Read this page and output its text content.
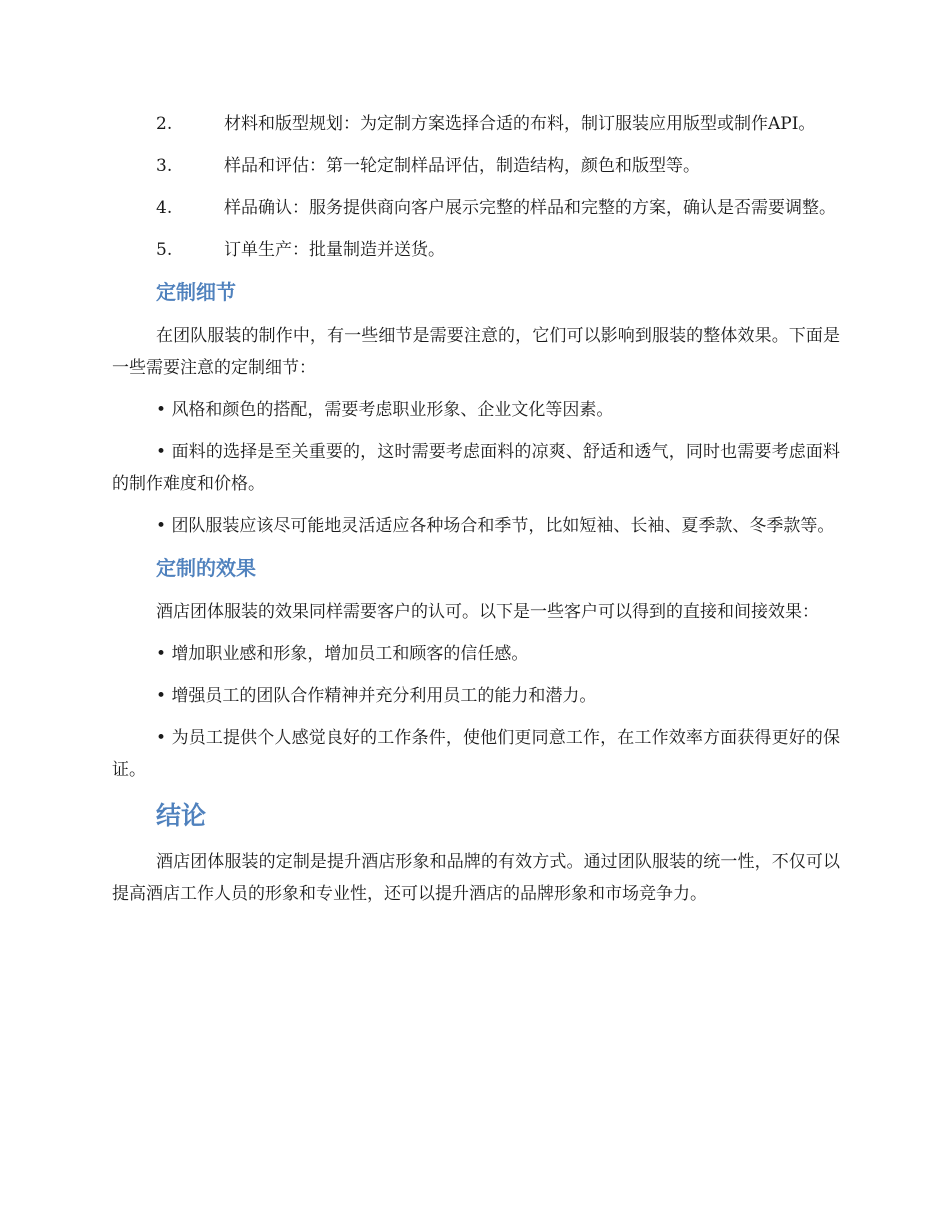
2.	材料和版型规划：为定制方案选择合适的布料，制订服装应用版型或制作API。
3.	样品和评估：第一轮定制样品评估，制造结构，颜色和版型等。
4.	样品确认：服务提供商向客户展示完整的样品和完整的方案，确认是否需要调整。
5.	订单生产：批量制造并送货。
定制细节

在团队服装的制作中，有一些细节是需要注意的，它们可以影响到服装的整体效果。下面是一些需要注意的定制细节：

• 风格和颜色的搭配，需要考虑职业形象、企业文化等因素。

• 面料的选择是至关重要的，这时需要考虑面料的凉爽、舒适和透气，同时也需要考虑面料的制作难度和价格。

• 团队服装应该尽可能地灵活适应各种场合和季节，比如短袖、长袖、夏季款、冬季款等。

定制的效果

酒店团体服装的效果同样需要客户的认可。以下是一些客户可以得到的直接和间接效果：

• 增加职业感和形象，增加员工和顾客的信任感。

• 增强员工的团队合作精神并充分利用员工的能力和潜力。

• 为员工提供个人感觉良好的工作条件，使他们更同意工作，在工作效率方面获得更好的保证。

结论

酒店团体服装的定制是提升酒店形象和品牌的有效方式。通过团队服装的统一性，不仅可以提高酒店工作人员的形象和专业性，还可以提升酒店的品牌形象和市场竞争力。
